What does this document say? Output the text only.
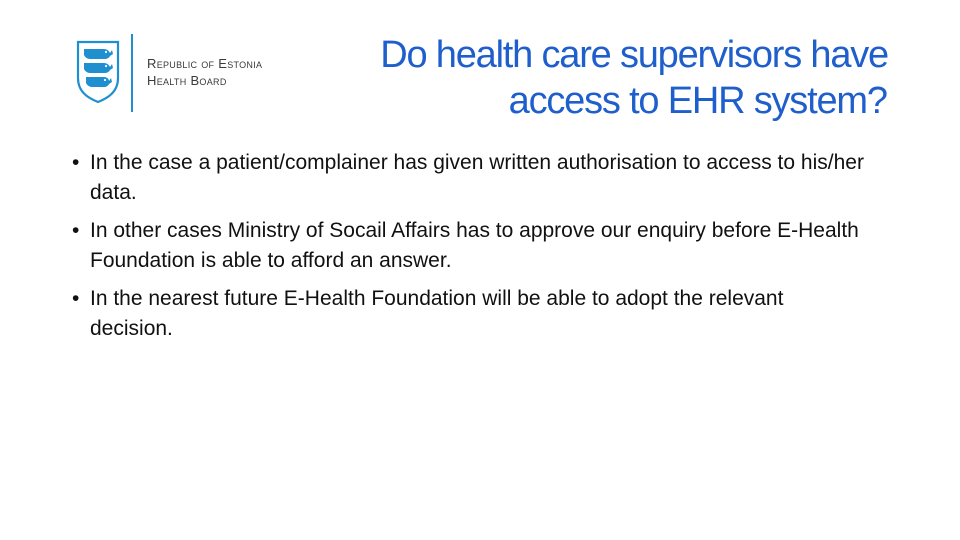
Republic of Estonia
Health Board
Do health care supervisors have
access to EHR system?
• In the case a patient/complainer has given written authorisation to access to his/her data.
• In other cases Ministry of Socail Affairs has to approve our enquiry before E-Health Foundation is able to afford an answer.
• In the nearest future E-Health Foundation will be able to adopt the relevant decision.
